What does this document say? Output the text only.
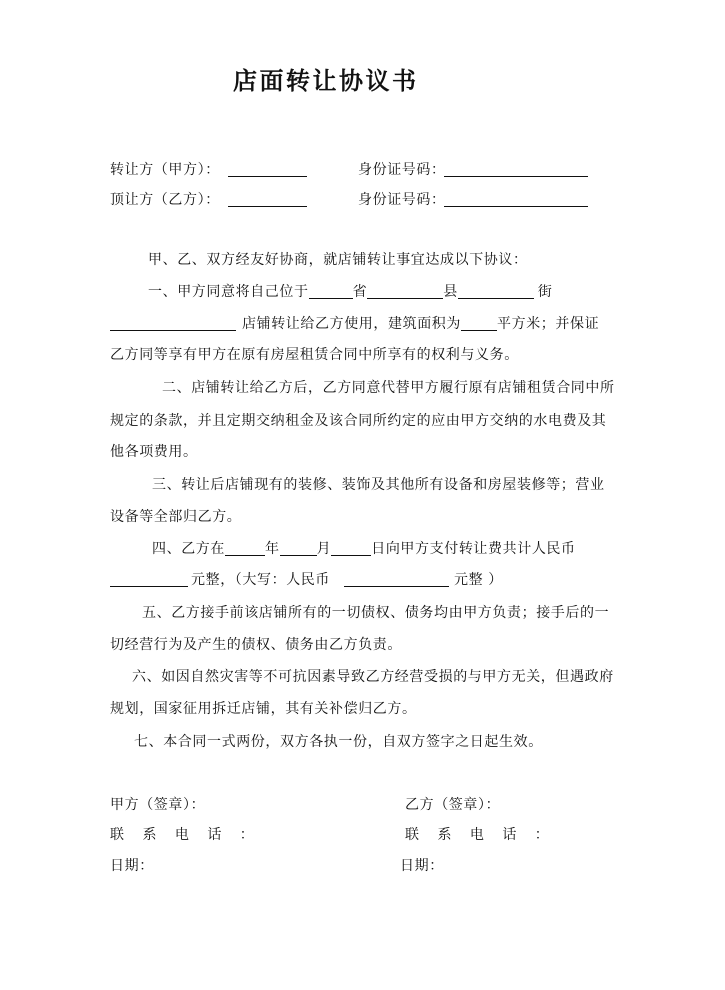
店面转让协议书
转让方（甲方）：	身份证号码：
顶让方（乙方）：	身份证号码：
甲、乙、双方经友好协商，就店铺转让事宜达成以下协议：
一、甲方同意将自己位于	省	县	街
店铺转让给乙方使用，建筑面积为	平方米；并保证
乙方同等享有甲方在原有房屋租赁合同中所享有的权利与义务。
二、店铺转让给乙方后，乙方同意代替甲方履行原有店铺租赁合同中所
规定的条款，并且定期交纳租金及该合同所约定的应由甲方交纳的水电费及其
他各项费用。
三、转让后店铺现有的装修、装饰及其他所有设备和房屋装修等；营业
设备等全部归乙方。
四、乙方在	年	月	日向甲方支付转让费共计人民币
元整，（大写：人民币	元整 ）
五、乙方接手前该店铺所有的一切债权、债务均由甲方负责；接手后的一
切经营行为及产生的债权、债务由乙方负责。
六、如因自然灾害等不可抗因素导致乙方经营受损的与甲方无关，但遇政府
规划，国家征用拆迁店铺，其有关补偿归乙方。
七、本合同一式两份，双方各执一份，自双方签字之日起生效。
甲方（签章）：	乙方（签章）：
联 系 电 话 ：	联 系 电 话 ：
日期：	日期：
